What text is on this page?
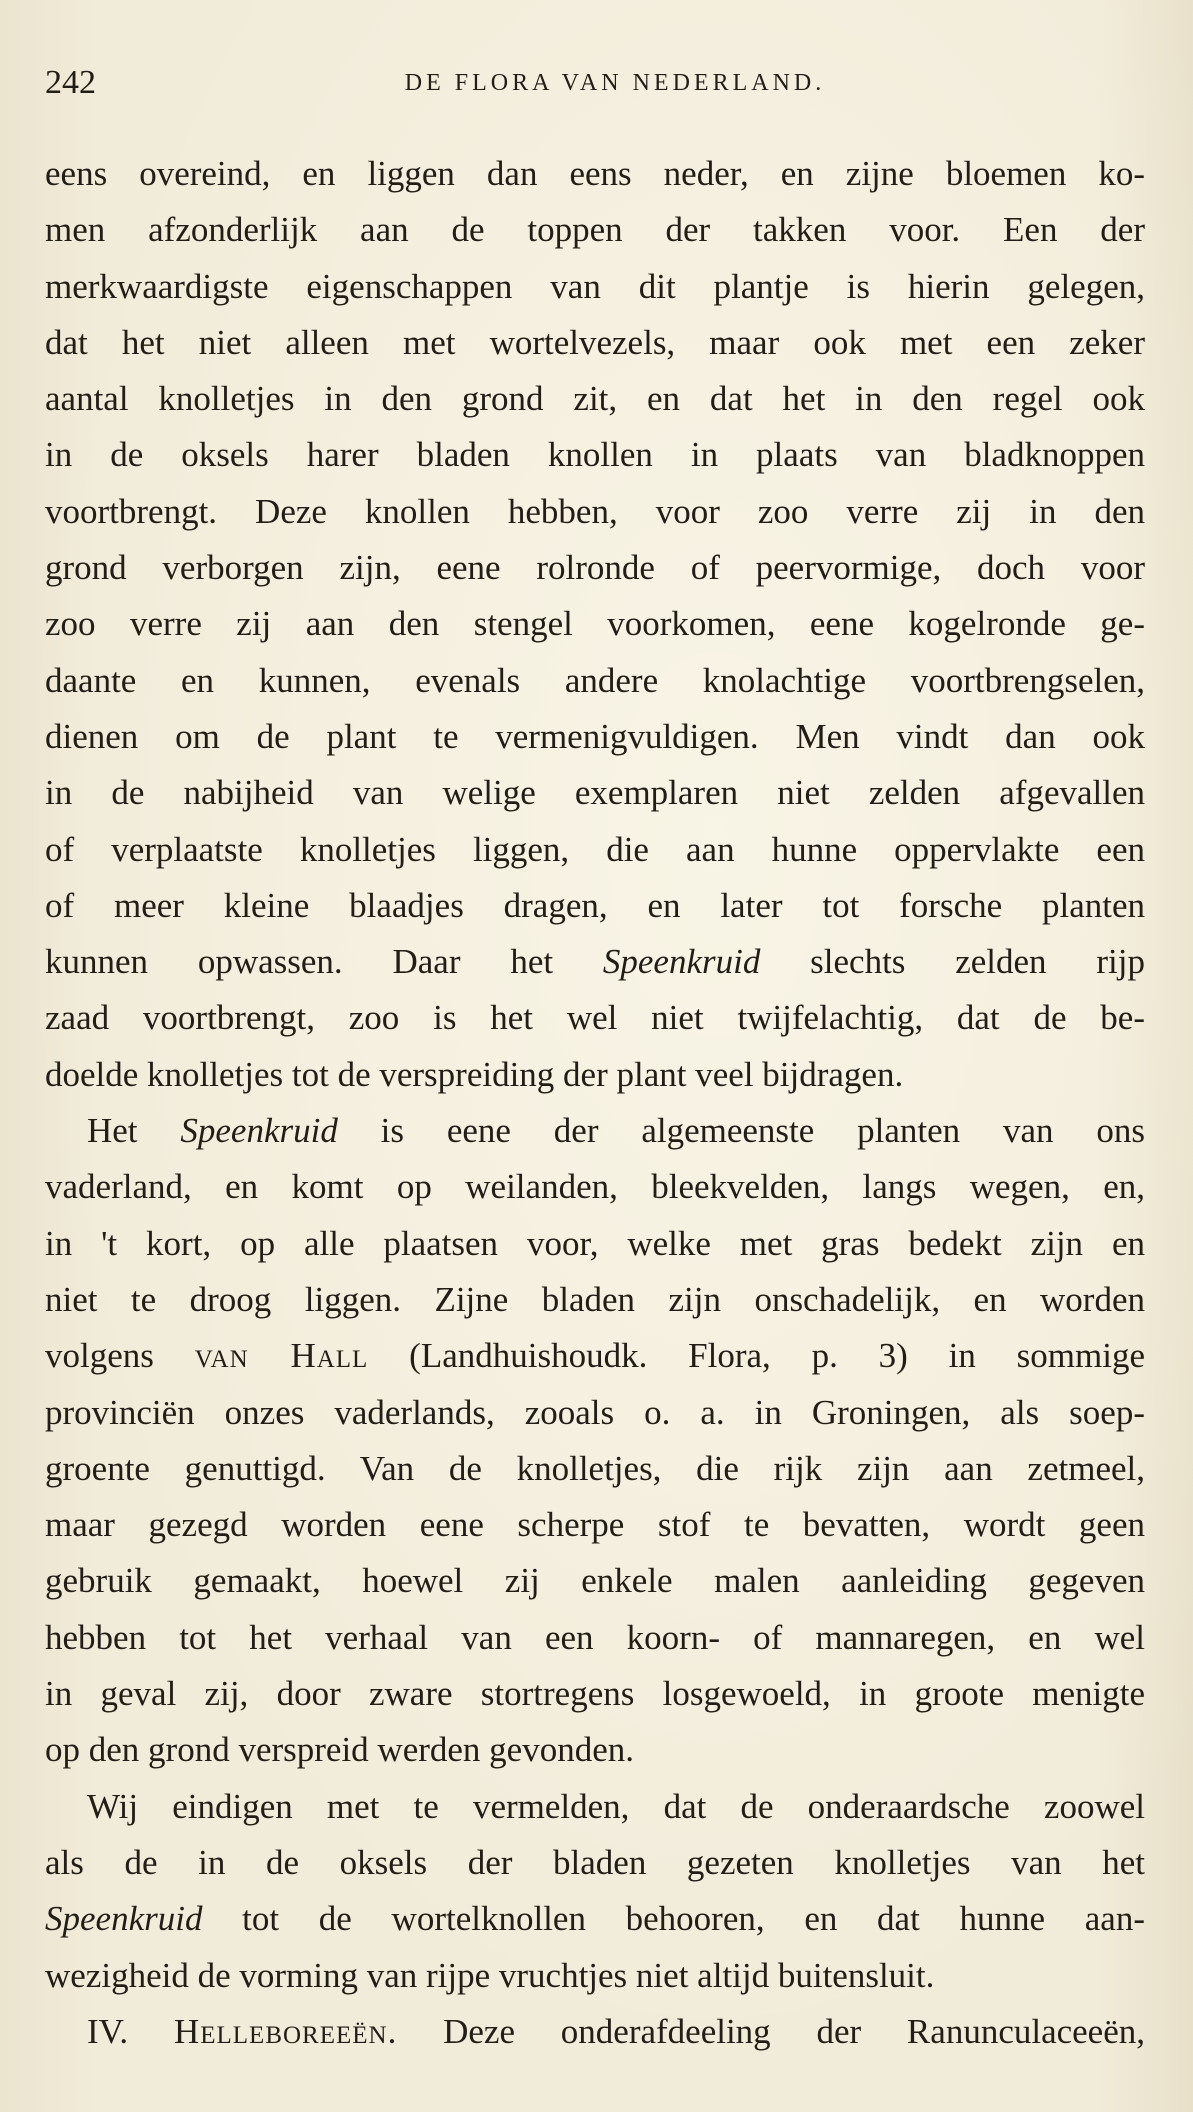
242	DE FLORA VAN NEDERLAND.
eens overeind, en liggen dan eens neder, en zijne bloemen ko-
men afzonderlijk aan de toppen der takken voor. Een der
merkwaardigste eigenschappen van dit plantje is hierin gelegen,
dat het niet alleen met wortelvezels, maar ook met een zeker
aantal knolletjes in den grond zit, en dat het in den regel ook
in de oksels harer bladen knollen in plaats van bladknoppen
voortbrengt. Deze knollen hebben, voor zoo verre zij in den
grond verborgen zijn, eene rolronde of peervormige, doch voor
zoo verre zij aan den stengel voorkomen, eene kogelronde ge-
daante en kunnen, evenals andere knolachtige voortbrengselen,
dienen om de plant te vermenigvuldigen. Men vindt dan ook
in de nabijheid van welige exemplaren niet zelden afgevallen
of verplaatste knolletjes liggen, die aan hunne oppervlakte een
of meer kleine blaadjes dragen, en later tot forsche planten
kunnen opwassen. Daar het Speenkruid slechts zelden rijp
zaad voortbrengt, zoo is het wel niet twijfelachtig, dat de be-
doelde knolletjes tot de verspreiding der plant veel bijdragen.
Het Speenkruid is eene der algemeenste planten van ons
vaderland, en komt op weilanden, bleekvelden, langs wegen, en,
in 't kort, op alle plaatsen voor, welke met gras bedekt zijn en
niet te droog liggen. Zijne bladen zijn onschadelijk, en worden
volgens van Hall (Landhuishoudk. Flora, p. 3) in sommige
provinciën onzes vaderlands, zooals o. a. in Groningen, als soep-
groente genuttigd. Van de knolletjes, die rijk zijn aan zetmeel,
maar gezegd worden eene scherpe stof te bevatten, wordt geen
gebruik gemaakt, hoewel zij enkele malen aanleiding gegeven
hebben tot het verhaal van een koorn- of mannaregen, en wel
in geval zij, door zware stortregens losgewoeld, in groote menigte
op den grond verspreid werden gevonden.
Wij eindigen met te vermelden, dat de onderaardsche zoowel
als de in de oksels der bladen gezeten knolletjes van het
Speenkruid tot de wortelknollen behooren, en dat hunne aan-
wezigheid de vorming van rijpe vruchtjes niet altijd buitensluit.
IV. Helleboreeën. Deze onderafdeeling der Ranunculaceeën,
